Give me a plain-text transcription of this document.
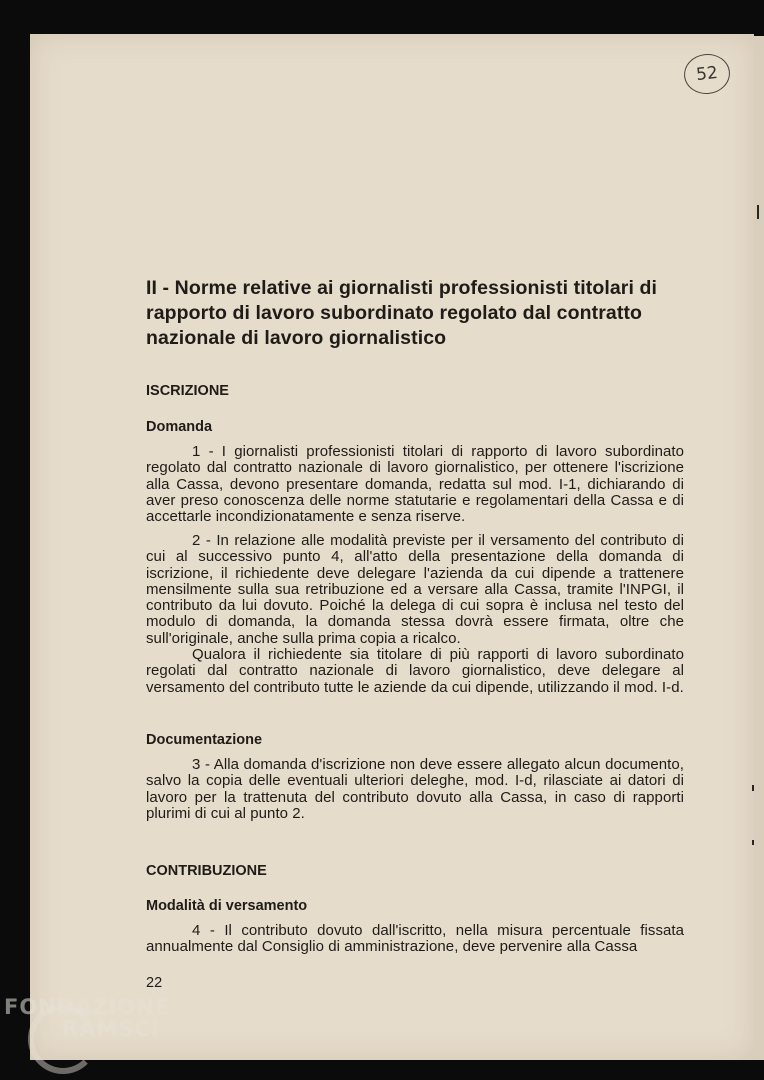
52
II - Norme relative ai giornalisti professionisti titolari di
rapporto di lavoro subordinato regolato dal contratto
nazionale di lavoro giornalistico

ISCRIZIONE

Domanda

1 - I giornalisti professionisti titolari di rapporto di lavoro subordinato regolato dal contratto nazionale di lavoro giornalistico, per ottenere l'iscrizione alla Cassa, devono presentare domanda, redatta sul mod. I-1, dichiarando di aver preso conoscenza delle norme statutarie e regolamentari della Cassa e di accettarle incondizionatamente e senza riserve.

2 - In relazione alle modalità previste per il versamento del contributo di cui al successivo punto 4, all'atto della presentazione della domanda di iscrizione, il richiedente deve delegare l'azienda da cui dipende a trattenere mensilmente sulla sua retribuzione ed a versare alla Cassa, tramite l'INPGI, il contributo da lui dovuto. Poiché la delega di cui sopra è inclusa nel testo del modulo di domanda, la domanda stessa dovrà essere firmata, oltre che sull'originale, anche sulla prima copia a ricalco.

Qualora il richiedente sia titolare di più rapporti di lavoro subordinato regolati dal contratto nazionale di lavoro giornalistico, deve delegare al versamento del contributo tutte le aziende da cui dipende, utilizzando il mod. I-d.

Documentazione

3 - Alla domanda d'iscrizione non deve essere allegato alcun documento, salvo la copia delle eventuali ulteriori deleghe, mod. I-d, rilasciate ai datori di lavoro per la trattenuta del contributo dovuto alla Cassa, in caso di rapporti plurimi di cui al punto 2.

CONTRIBUZIONE

Modalità di versamento

4 - Il contributo dovuto dall'iscritto, nella misura percentuale fissata annualmente dal Consiglio di amministrazione, deve pervenire alla Cassa

22
FONDAZIONE
RAMSCI
